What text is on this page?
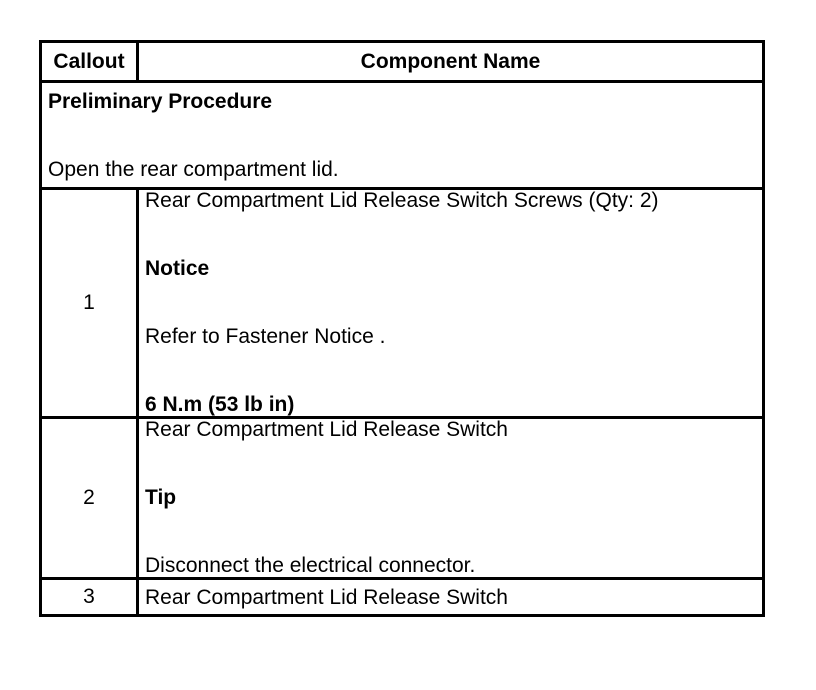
Callout	Component Name

Preliminary Procedure
Open the rear compartment lid.	

1	Rear Compartment Lid Release Switch Screws (Qty: 2)
Notice
Refer to Fastener Notice .
6 N.m (53 lb in)

2	Rear Compartment Lid Release Switch
Tip
Disconnect the electrical connector.

3	Rear Compartment Lid Release Switch
